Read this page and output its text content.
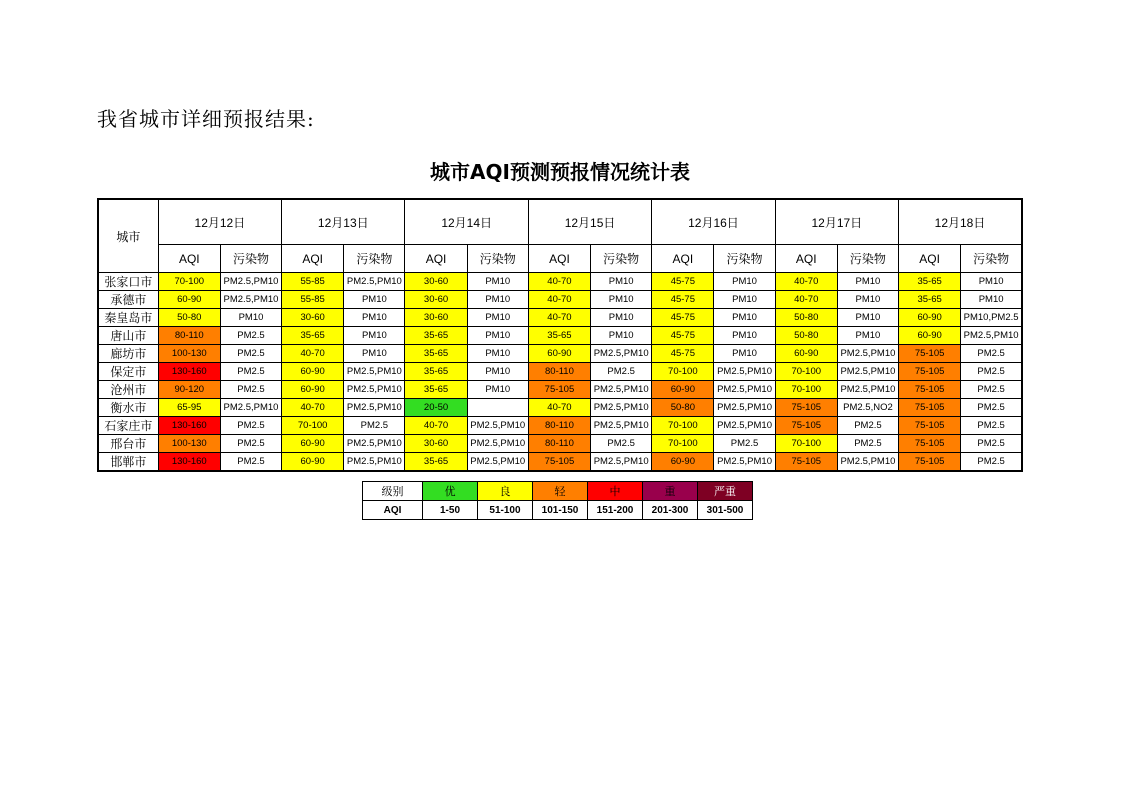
我省城市详细预报结果:
城市AQI预测预报情况统计表
城市	12月12日		12月13日		12月14日		12月15日		12月16日		12月17日		12月18日	
	AQI	污染物	AQI	污染物	AQI	污染物	AQI	污染物	AQI	污染物	AQI	污染物	AQI	污染物
张家口市	70-100	PM2.5,PM10	55-85	PM2.5,PM10	30-60	PM10	40-70	PM10	45-75	PM10	40-70	PM10	35-65	PM10
承德市	60-90	PM2.5,PM10	55-85	PM10	30-60	PM10	40-70	PM10	45-75	PM10	40-70	PM10	35-65	PM10
秦皇岛市	50-80	PM10	30-60	PM10	30-60	PM10	40-70	PM10	45-75	PM10	50-80	PM10	60-90	PM10,PM2.5
唐山市	80-110	PM2.5	35-65	PM10	35-65	PM10	35-65	PM10	45-75	PM10	50-80	PM10	60-90	PM2.5,PM10
廊坊市	100-130	PM2.5	40-70	PM10	35-65	PM10	60-90	PM2.5,PM10	45-75	PM10	60-90	PM2.5,PM10	75-105	PM2.5
保定市	130-160	PM2.5	60-90	PM2.5,PM10	35-65	PM10	80-110	PM2.5	70-100	PM2.5,PM10	70-100	PM2.5,PM10	75-105	PM2.5
沧州市	90-120	PM2.5	60-90	PM2.5,PM10	35-65	PM10	75-105	PM2.5,PM10	60-90	PM2.5,PM10	70-100	PM2.5,PM10	75-105	PM2.5
衡水市	65-95	PM2.5,PM10	40-70	PM2.5,PM10	20-50		40-70	PM2.5,PM10	50-80	PM2.5,PM10	75-105	PM2.5,NO2	75-105	PM2.5
石家庄市	130-160	PM2.5	70-100	PM2.5	40-70	PM2.5,PM10	80-110	PM2.5,PM10	70-100	PM2.5,PM10	75-105	PM2.5	75-105	PM2.5
邢台市	100-130	PM2.5	60-90	PM2.5,PM10	30-60	PM2.5,PM10	80-110	PM2.5	70-100	PM2.5	70-100	PM2.5	75-105	PM2.5
邯郸市	130-160	PM2.5	60-90	PM2.5,PM10	35-65	PM2.5,PM10	75-105	PM2.5,PM10	60-90	PM2.5,PM10	75-105	PM2.5,PM10	75-105	PM2.5
级别	优	良	轻	中	重	严重
AQI	1-50	51-100	101-150	151-200	201-300	301-500
